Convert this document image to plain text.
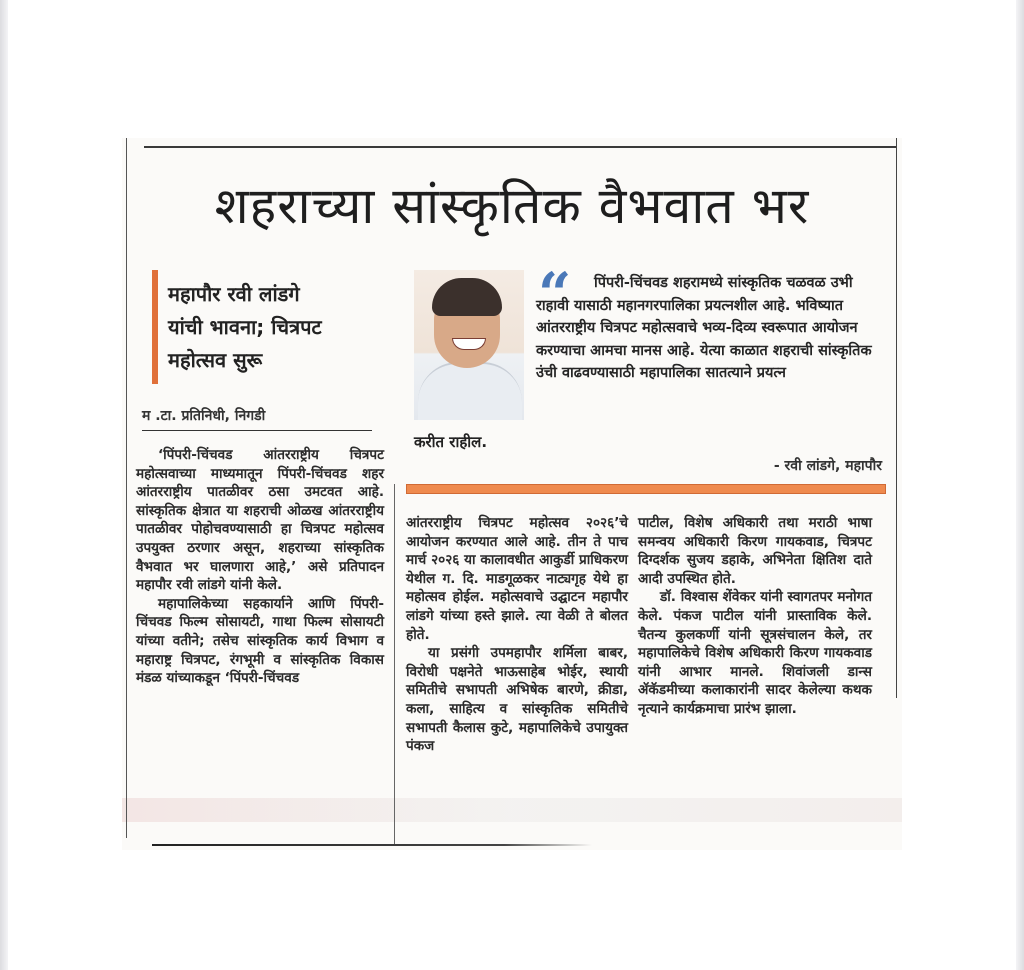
शहराच्या सांस्कृतिक वैभवात भर
महापौर रवी लांडगे
यांची भावना; चित्रपट
महोत्सव सुरू
म .टा. प्रतिनिधी, निगडी
करीत राहील.
“	पिंपरी-चिंचवड शहरामध्ये सांस्कृतिक चळवळ उभी राहावी यासाठी महानगरपालिका प्रयत्नशील आहे. भविष्यात आंतरराष्ट्रीय चित्रपट महोत्सवाचे भव्य-दिव्य स्वरूपात आयोजन करण्याचा आमचा मानस आहे. येत्या काळात शहराची सांस्कृतिक उंची वाढवण्यासाठी महापालिका सातत्याने प्रयत्न
- रवी लांडगे, महापौर

‘पिंपरी-चिंचवड आंतरराष्ट्रीय चित्रपट महोत्सवाच्या माध्यमातून पिंपरी-चिंचवड शहर आंतरराष्ट्रीय पातळीवर ठसा उमटवत आहे. सांस्कृतिक क्षेत्रात या शहराची ओळख आंतरराष्ट्रीय पातळीवर पोहोचवण्यासाठी हा चित्रपट महोत्सव उपयुक्त ठरणार असून, शहराच्या सांस्कृतिक वैभवात भर घालणारा आहे,’ असे प्रतिपादन महापौर रवी लांडगे यांनी केले.

महापालिकेच्या सहकार्याने आणि पिंपरी-चिंचवड फिल्म सोसायटी, गाथा फिल्म सोसायटी यांच्या वतीने; तसेच सांस्कृतिक कार्य विभाग व महाराष्ट्र चित्रपट, रंगभूमी व सांस्कृतिक विकास मंडळ यांच्याकडून ‘पिंपरी-चिंचवड

आंतरराष्ट्रीय चित्रपट महोत्सव २०२६’चे आयोजन करण्यात आले आहे. तीन ते पाच मार्च २०२६ या कालावधीत आकुर्डी प्राधिकरण येथील ग. दि. माडगूळकर नाट्यगृह येथे हा महोत्सव होईल. महोत्सवाचे उद्घाटन महापौर लांडगे यांच्या हस्ते झाले. त्या वेळी ते बोलत होते.

या प्रसंगी उपमहापौर शर्मिला बाबर, विरोधी पक्षनेते भाऊसाहेब भोईर, स्थायी समितीचे सभापती अभिषेक बारणे, क्रीडा, कला, साहित्य व सांस्कृतिक समितीचे सभापती कैलास कुटे, महापालिकेचे उपायुक्त पंकज

पाटील, विशेष अधिकारी तथा मराठी भाषा समन्वय अधिकारी किरण गायकवाड, चित्रपट दिग्दर्शक सुजय डहाके, अभिनेता क्षितिश दाते आदी उपस्थित होते.

डॉ. विश्वास शेंवेकर यांनी स्वागतपर मनोगत केले. पंकज पाटील यांनी प्रास्ताविक केले. चैतन्य कुलकर्णी यांनी सूत्रसंचालन केले, तर महापालिकेचे विशेष अधिकारी किरण गायकवाड यांनी आभार मानले. शिवांजली डान्स ॲकॅडमीच्या कलाकारांनी सादर केलेल्या कथक नृत्याने कार्यक्रमाचा प्रारंभ झाला.
